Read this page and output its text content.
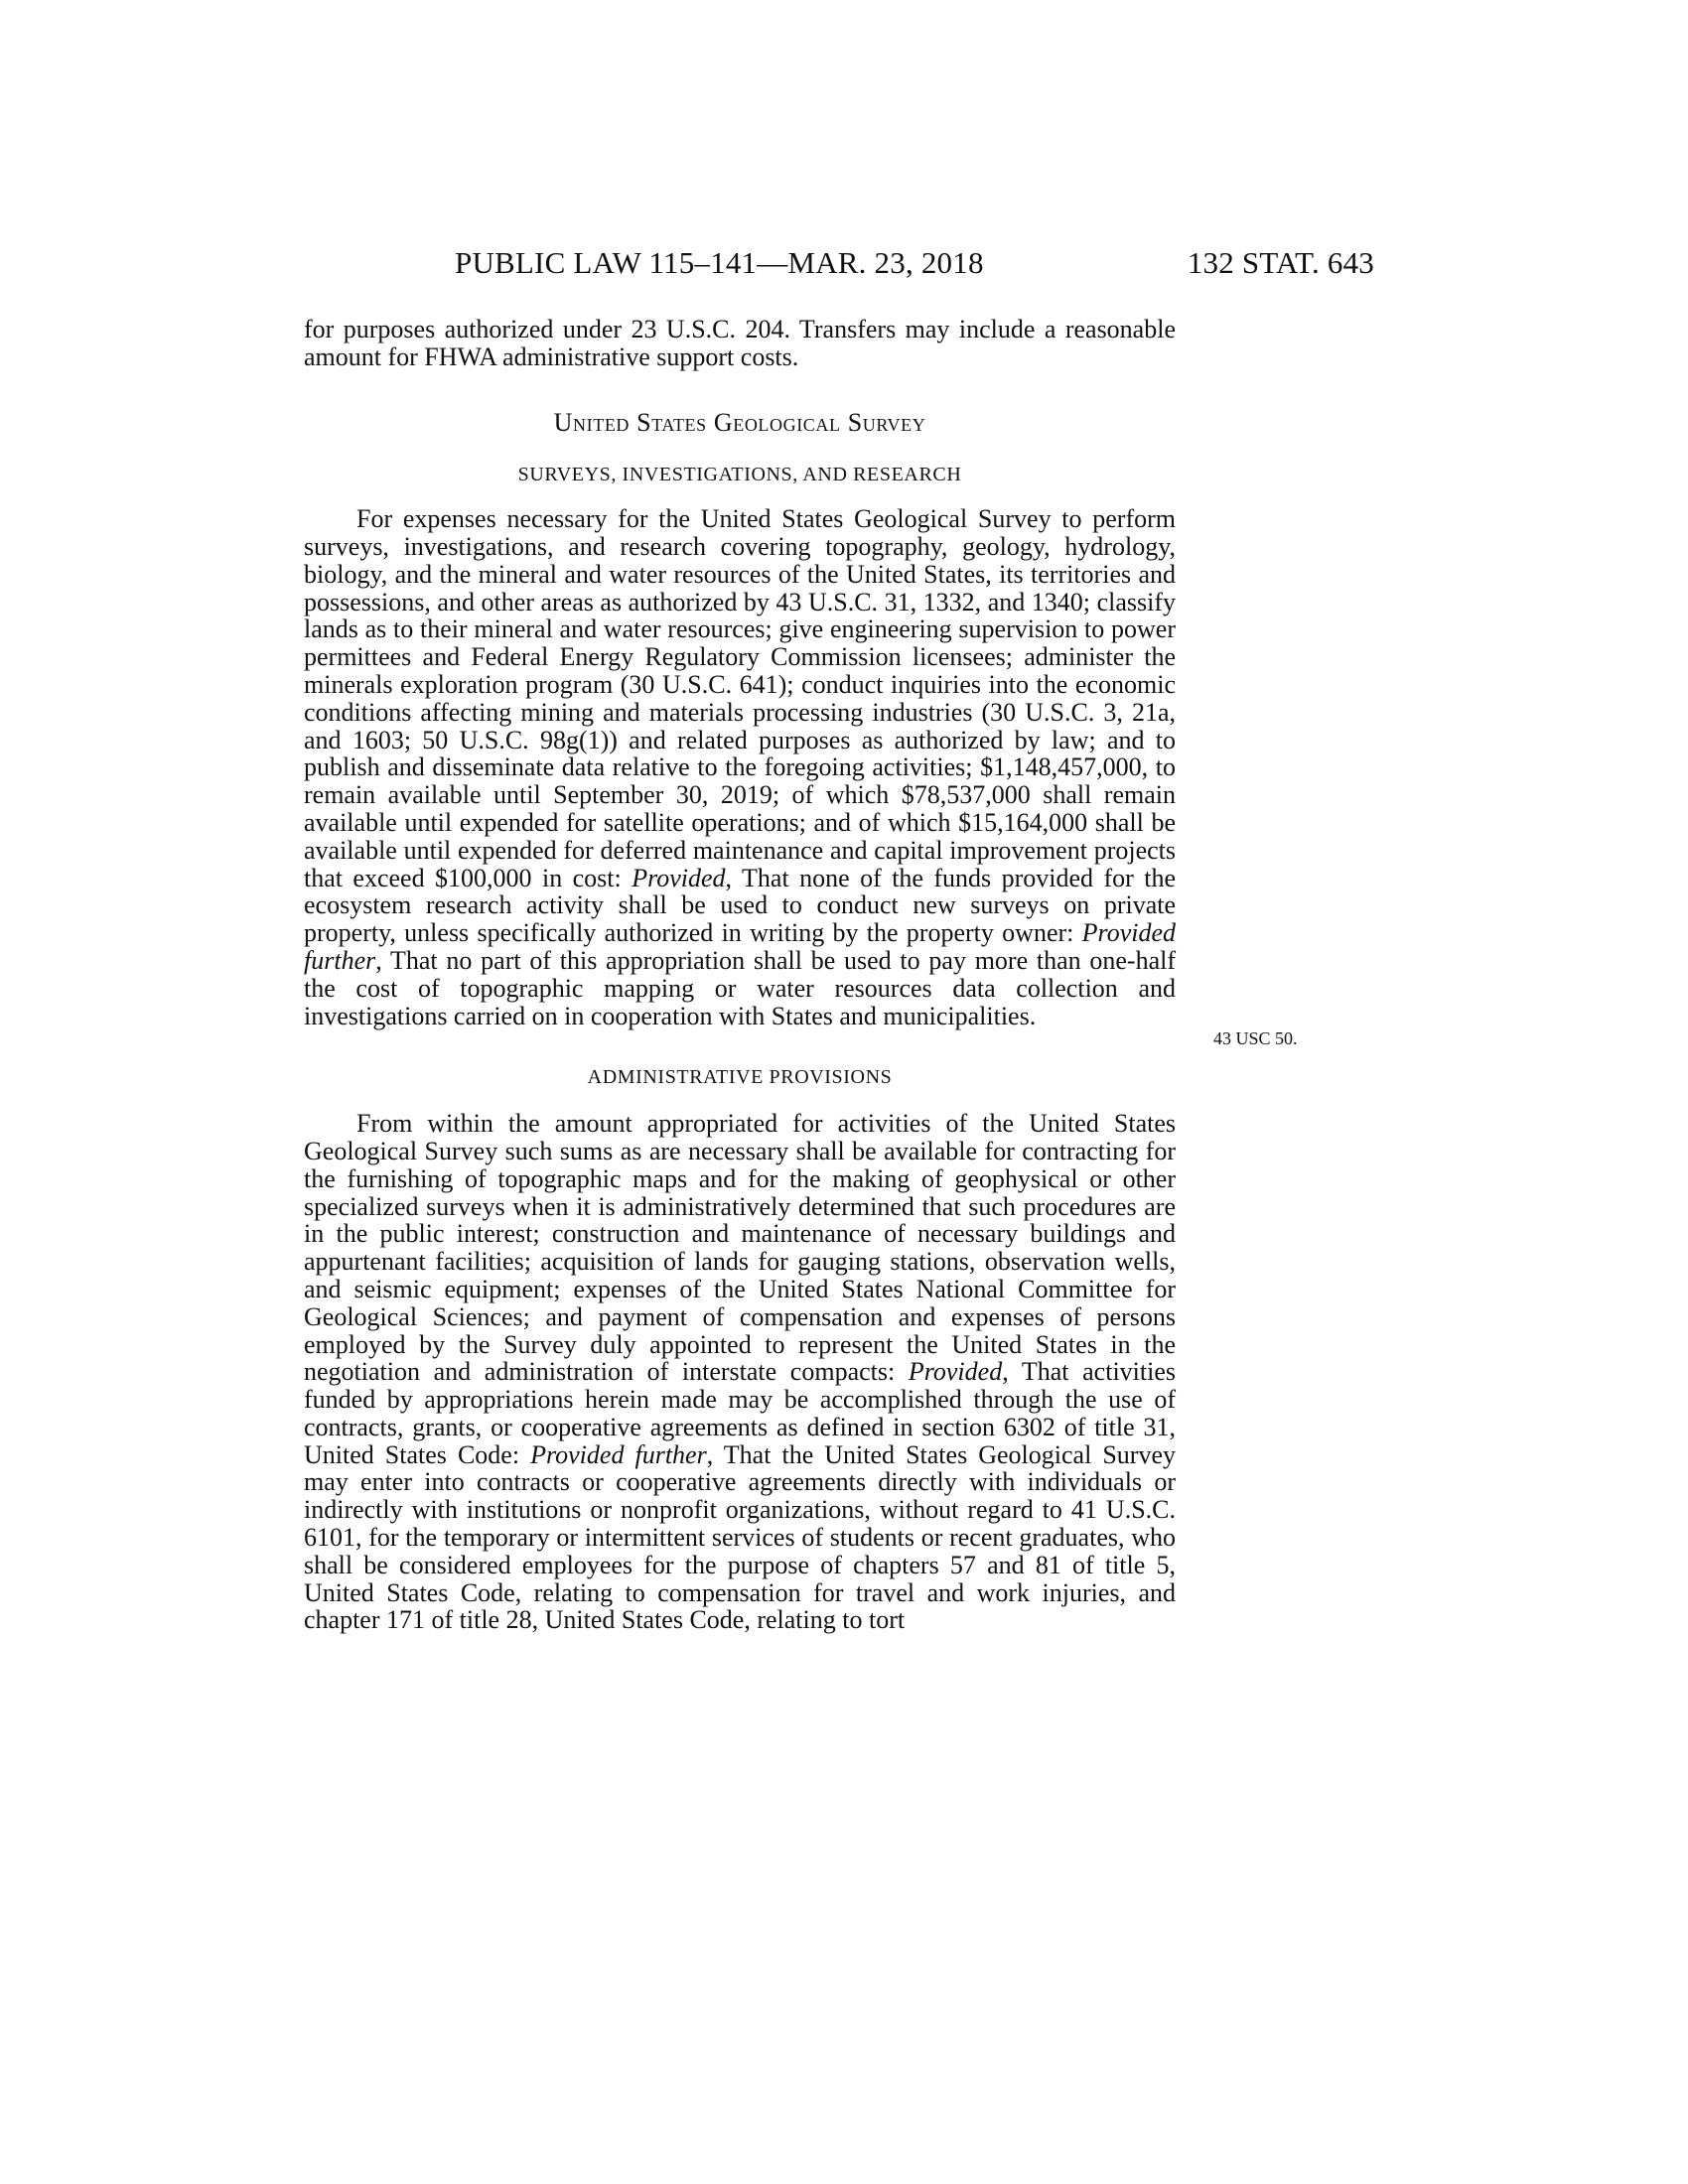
PUBLIC LAW 115–141—MAR. 23, 2018	132 STAT. 643

for purposes authorized under 23 U.S.C. 204. Transfers may include a reasonable amount for FHWA administrative support costs.

United States Geological Survey
SURVEYS, INVESTIGATIONS, AND RESEARCH

For expenses necessary for the United States Geological Survey to perform surveys, investigations, and research covering topography, geology, hydrology, biology, and the mineral and water resources of the United States, its territories and possessions, and other areas as authorized by 43 U.S.C. 31, 1332, and 1340; classify lands as to their mineral and water resources; give engineering supervision to power permittees and Federal Energy Regulatory Commission licensees; administer the minerals exploration program (30 U.S.C. 641); conduct inquiries into the economic conditions affecting mining and materials processing industries (30 U.S.C. 3, 21a, and 1603; 50 U.S.C. 98g(1)) and related purposes as authorized by law; and to publish and disseminate data relative to the foregoing activities; $1,148,457,000, to remain available until September 30, 2019; of which $78,537,000 shall remain available until expended for satellite operations; and of which $15,164,000 shall be available until expended for deferred maintenance and capital improvement projects that exceed $100,000 in cost: Provided, That none of the funds provided for the ecosystem research activity shall be used to conduct new surveys on private property, unless specifically authorized in writing by the property owner: Provided further, That no part of this appropriation shall be used to pay more than one-half the cost of topographic mapping or water resources data collection and investigations carried on in cooperation with States and municipalities.

ADMINISTRATIVE PROVISIONS

From within the amount appropriated for activities of the United States Geological Survey such sums as are necessary shall be available for contracting for the furnishing of topographic maps and for the making of geophysical or other specialized surveys when it is administratively determined that such procedures are in the public interest; construction and maintenance of necessary buildings and appurtenant facilities; acquisition of lands for gauging stations, observation wells, and seismic equipment; expenses of the United States National Committee for Geological Sciences; and payment of compensation and expenses of persons employed by the Survey duly appointed to represent the United States in the negotiation and administration of interstate compacts: Provided, That activities funded by appropriations herein made may be accomplished through the use of contracts, grants, or cooperative agreements as defined in section 6302 of title 31, United States Code: Provided further, That the United States Geological Survey may enter into contracts or cooperative agreements directly with individuals or indirectly with institutions or nonprofit organizations, without regard to 41 U.S.C. 6101, for the temporary or intermittent services of students or recent graduates, who shall be considered employees for the purpose of chapters 57 and 81 of title 5, United States Code, relating to compensation for travel and work injuries, and chapter 171 of title 28, United States Code, relating to tort

43 USC 50.
